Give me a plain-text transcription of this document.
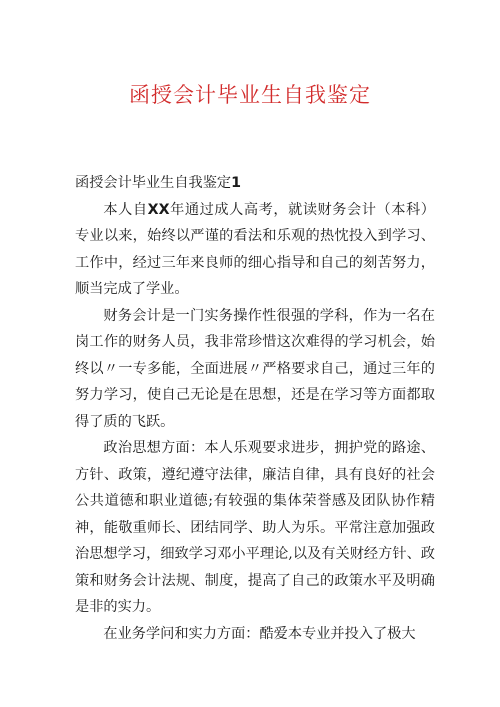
函授会计毕业生自我鉴定

函授会计毕业生自我鉴定1

本人自XX年通过成人高考，就读财务会计（本科）专业以来，始终以严谨的看法和乐观的热忱投入到学习、工作中，经过三年来良师的细心指导和自己的刻苦努力，顺当完成了学业。

财务会计是一门实务操作性很强的学科，作为一名在岗工作的财务人员，我非常珍惜这次难得的学习机会，始终以〃一专多能，全面进展〃严格要求自己，通过三年的努力学习，使自己无论是在思想，还是在学习等方面都取得了质的飞跃。

政治思想方面：本人乐观要求进步，拥护党的路途、方针、政策，遵纪遵守法律，廉洁自律，具有良好的社会公共道德和职业道德;有较强的集体荣誉感及团队协作精神，能敬重师长、团结同学、助人为乐。平常注意加强政治思想学习，细致学习邓小平理论,以及有关财经方针、政策和财务会计法规、制度，提高了自己的政策水平及明确是非的实力。

在业务学问和实力方面：酷爱本专业并投入了极大
